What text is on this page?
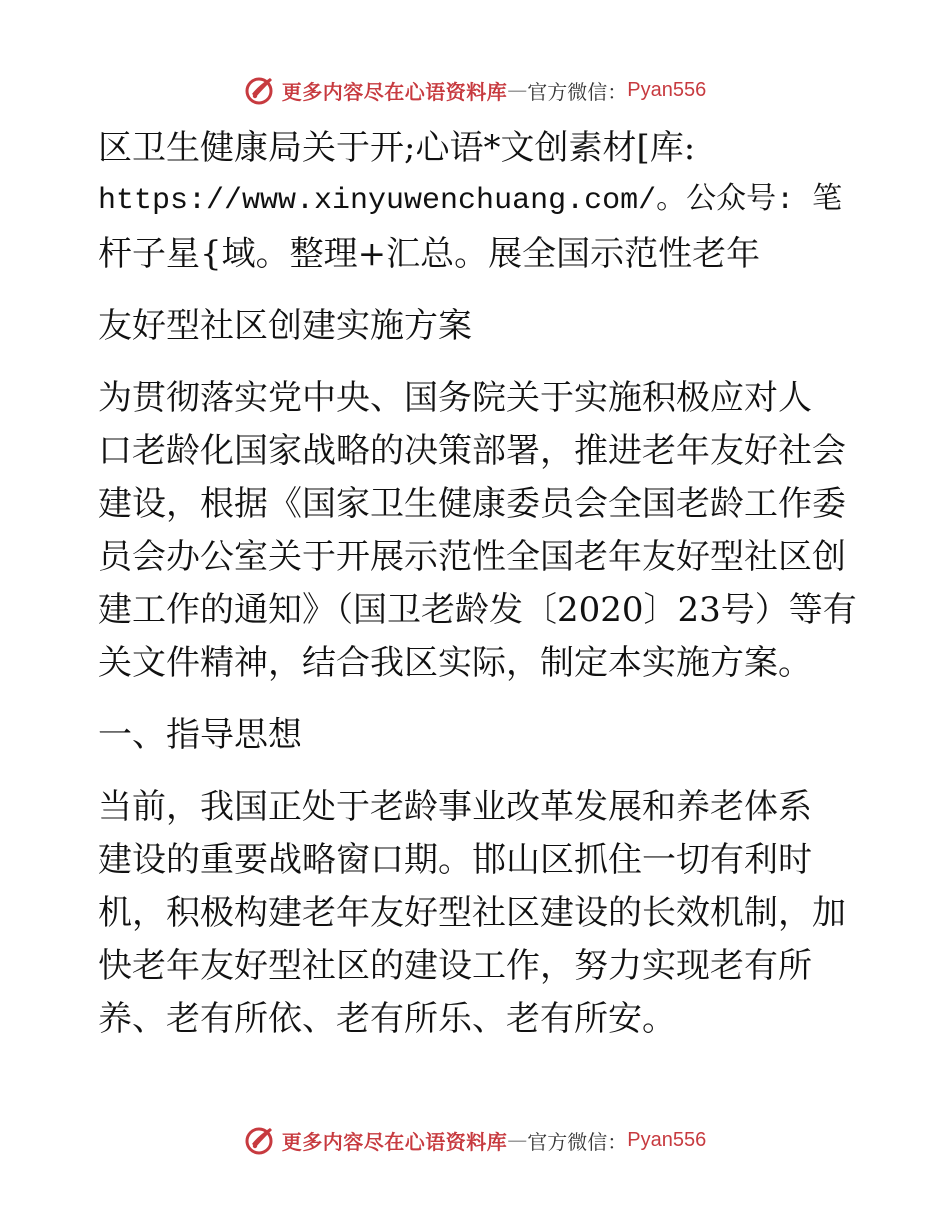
更多内容尽在心语资料库 — 官方微信： Pyan556

区卫生健康局关于开;心语*文创素材[库:
https://www.xinyuwenchuang.com/。公众号: 笔
杆子星{域。整理+汇总。展全国示范性老年

友好型社区创建实施方案

为贯彻落实党中央、国务院关于实施积极应对人
口老龄化国家战略的决策部署，推进老年友好社会
建设，根据《国家卫生健康委员会全国老龄工作委
员会办公室关于开展示范性全国老年友好型社区创
建工作的通知》（国卫老龄发〔2020〕23号）等有
关文件精神，结合我区实际，制定本实施方案。

一、指导思想

当前，我国正处于老龄事业改革发展和养老体系
建设的重要战略窗口期。邯山区抓住一切有利时
机，积极构建老年友好型社区建设的长效机制，加
快老年友好型社区的建设工作，努力实现老有所
养、老有所依、老有所乐、老有所安。

更多内容尽在心语资料库 — 官方微信： Pyan556
